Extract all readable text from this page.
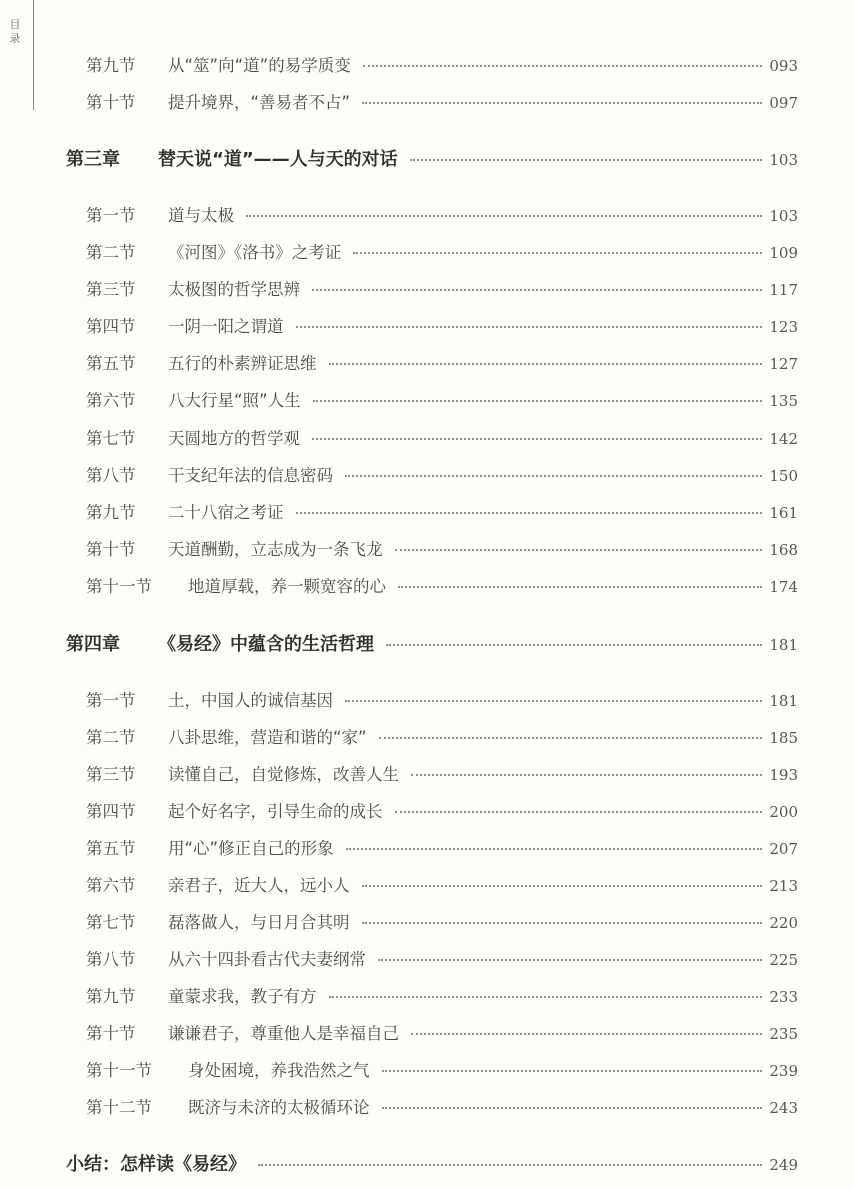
目录
第九节	从“筮”向“道”的易学质变	093
第十节	提升境界，“善易者不占”	097
第三章	替天说“道”——人与天的对话	103
第一节	道与太极	103
第二节	《河图》《洛书》之考证	109
第三节	太极图的哲学思辨	117
第四节	一阴一阳之谓道	123
第五节	五行的朴素辨证思维	127
第六节	八大行星“照”人生	135
第七节	天圆地方的哲学观	142
第八节	干支纪年法的信息密码	150
第九节	二十八宿之考证	161
第十节	天道酬勤，立志成为一条飞龙	168
第十一节	地道厚载，养一颗宽容的心	174
第四章	《易经》中蕴含的生活哲理	181
第一节	土，中国人的诚信基因	181
第二节	八卦思维，营造和谐的“家”	185
第三节	读懂自己，自觉修炼，改善人生	193
第四节	起个好名字，引导生命的成长	200
第五节	用“心”修正自己的形象	207
第六节	亲君子，近大人，远小人	213
第七节	磊落做人，与日月合其明	220
第八节	从六十四卦看古代夫妻纲常	225
第九节	童蒙求我，教子有方	233
第十节	谦谦君子，尊重他人是幸福自己	235
第十一节	身处困境，养我浩然之气	239
第十二节	既济与未济的太极循环论	243
小结： 怎样读《易经》	249
